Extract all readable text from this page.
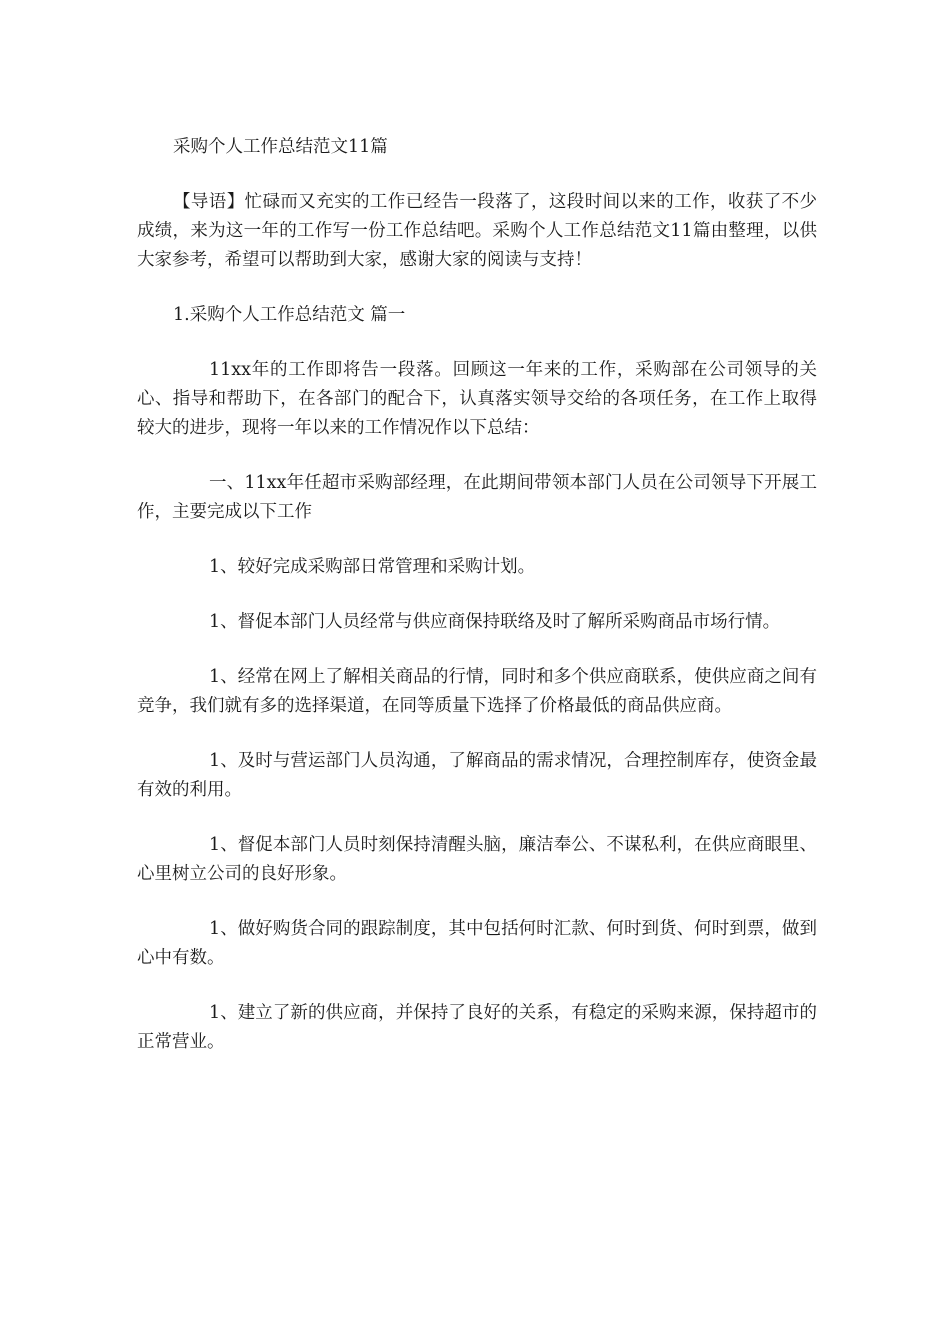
采购个人工作总结范文11篇

【导语】忙碌而又充实的工作已经告一段落了，这段时间以来的工作，收获了不少成绩，来为这一年的工作写一份工作总结吧。采购个人工作总结范文11篇由整理，以供大家参考，希望可以帮助到大家，感谢大家的阅读与支持！

1.采购个人工作总结范文 篇一

11xx年的工作即将告一段落。回顾这一年来的工作，采购部在公司领导的关心、指导和帮助下，在各部门的配合下，认真落实领导交给的各项任务，在工作上取得较大的进步，现将一年以来的工作情况作以下总结：

一、11xx年任超市采购部经理，在此期间带领本部门人员在公司领导下开展工作，主要完成以下工作

1、较好完成采购部日常管理和采购计划。

1、督促本部门人员经常与供应商保持联络及时了解所采购商品市场行情。

1、经常在网上了解相关商品的行情，同时和多个供应商联系，使供应商之间有竞争，我们就有多的选择渠道，在同等质量下选择了价格最低的商品供应商。

1、及时与营运部门人员沟通，了解商品的需求情况，合理控制库存，使资金最有效的利用。

1、督促本部门人员时刻保持清醒头脑，廉洁奉公、不谋私利，在供应商眼里、心里树立公司的良好形象。

1、做好购货合同的跟踪制度，其中包括何时汇款、何时到货、何时到票，做到心中有数。

1、建立了新的供应商，并保持了良好的关系，有稳定的采购来源，保持超市的正常营业。
